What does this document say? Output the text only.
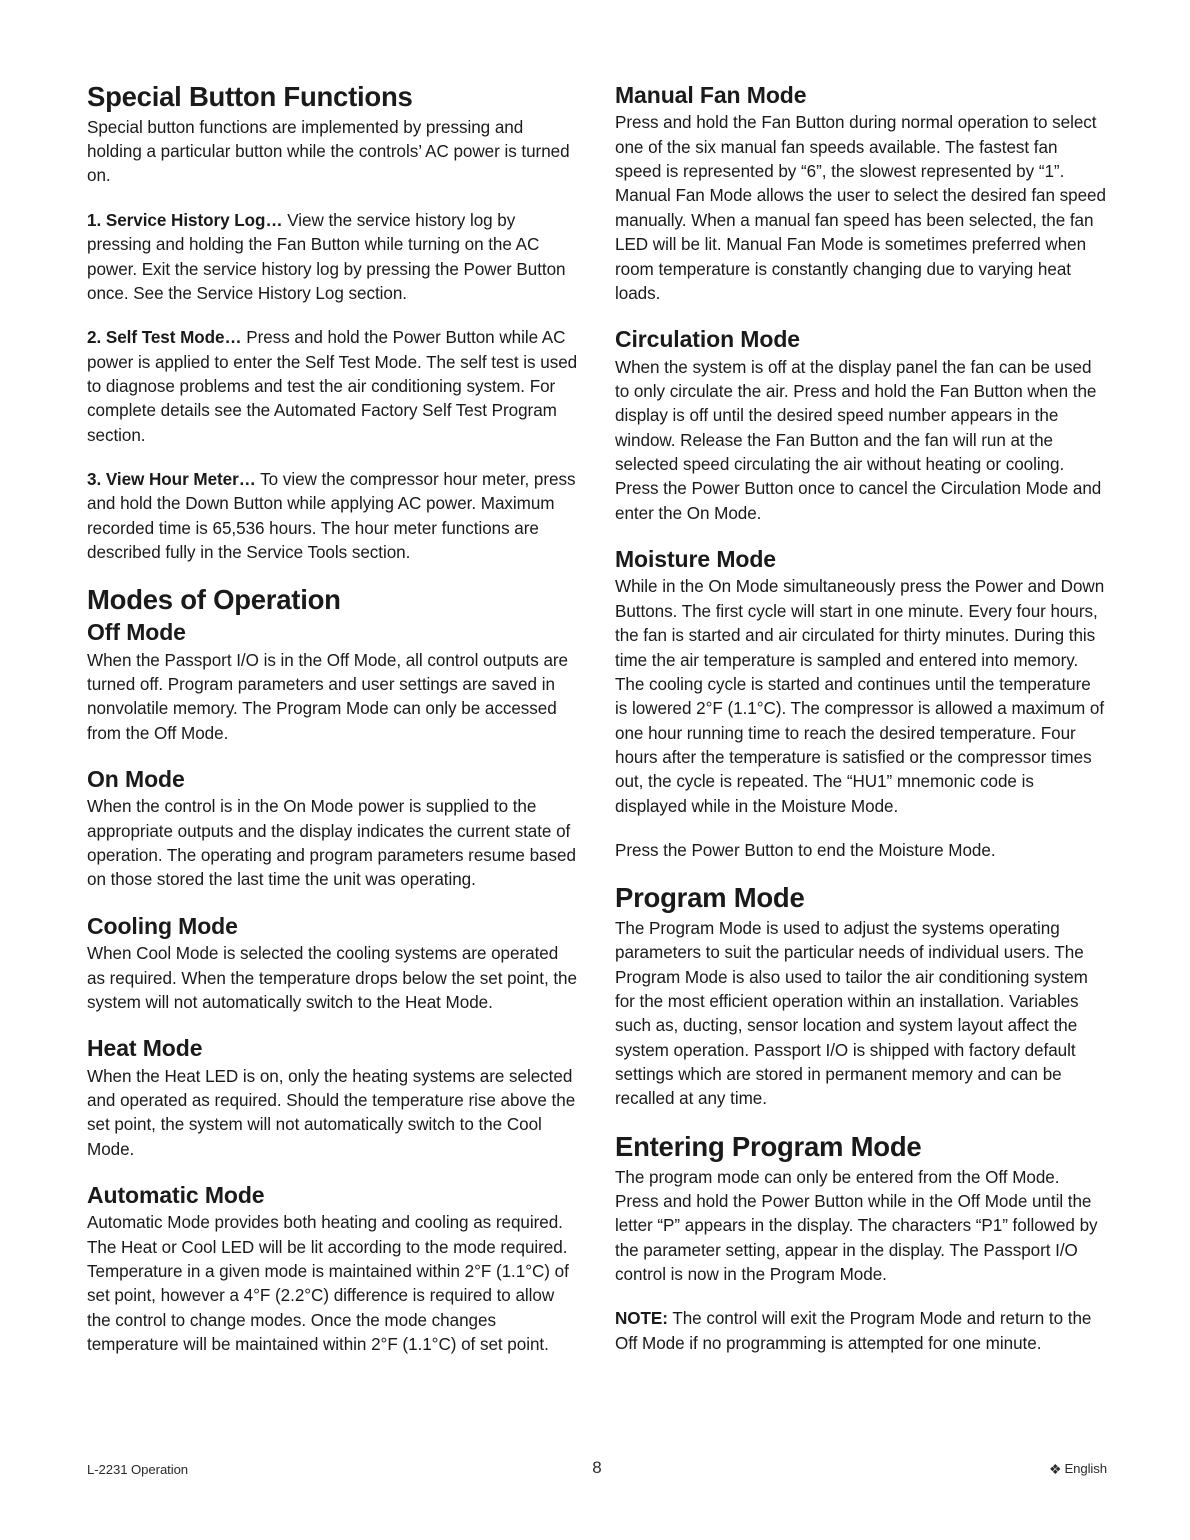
Special Button Functions

Special button functions are implemented by pressing and holding a particular button while the controls’ AC power is turned on.

1. Service History Log… View the service history log by pressing and holding the Fan Button while turning on the AC power. Exit the service history log by pressing the Power Button once. See the Service History Log section.

2. Self Test Mode… Press and hold the Power Button while AC power is applied to enter the Self Test Mode. The self test is used to diagnose problems and test the air conditioning system. For complete details see the Automated Factory Self Test Program section.

3. View Hour Meter… To view the compressor hour meter, press and hold the Down Button while applying AC power. Maximum recorded time is 65,536 hours. The hour meter functions are described fully in the Service Tools section.

Modes of Operation
Off Mode

When the Passport I/O is in the Off Mode, all control outputs are turned off. Program parameters and user settings are saved in nonvolatile memory. The Program Mode can only be accessed from the Off Mode.

On Mode

When the control is in the On Mode power is supplied to the appropriate outputs and the display indicates the current state of operation. The operating and program parameters resume based on those stored the last time the unit was operating.

Cooling Mode

When Cool Mode is selected the cooling systems are operated as required. When the temperature drops below the set point, the system will not automatically switch to the Heat Mode.

Heat Mode

When the Heat LED is on, only the heating systems are selected and operated as required. Should the temperature rise above the set point, the system will not automatically switch to the Cool Mode.

Automatic Mode

Automatic Mode provides both heating and cooling as required. The Heat or Cool LED will be lit according to the mode required. Temperature in a given mode is maintained within 2°F (1.1°C) of set point, however a 4°F (2.2°C) difference is required to allow the control to change modes. Once the mode changes temperature will be maintained within 2°F (1.1°C) of set point.

Manual Fan Mode

Press and hold the Fan Button during normal operation to select one of the six manual fan speeds available. The fastest fan speed is represented by “6”, the slowest represented by “1”. Manual Fan Mode allows the user to select the desired fan speed manually. When a manual fan speed has been selected, the fan LED will be lit. Manual Fan Mode is sometimes preferred when room temperature is constantly changing due to varying heat loads.

Circulation Mode

When the system is off at the display panel the fan can be used to only circulate the air. Press and hold the Fan Button when the display is off until the desired speed number appears in the window. Release the Fan Button and the fan will run at the selected speed circulating the air without heating or cooling. Press the Power Button once to cancel the Circulation Mode and enter the On Mode.

Moisture Mode

While in the On Mode simultaneously press the Power and Down Buttons. The first cycle will start in one minute. Every four hours, the fan is started and air circulated for thirty minutes. During this time the air temperature is sampled and entered into memory. The cooling cycle is started and continues until the temperature is lowered 2°F (1.1°C). The compressor is allowed a maximum of one hour running time to reach the desired temperature. Four hours after the temperature is satisfied or the compressor times out, the cycle is repeated. The “HU1” mnemonic code is displayed while in the Moisture Mode.

Press the Power Button to end the Moisture Mode.

Program Mode

The Program Mode is used to adjust the systems operating parameters to suit the particular needs of individual users. The Program Mode is also used to tailor the air conditioning system for the most efficient operation within an installation. Variables such as, ducting, sensor location and system layout affect the system operation. Passport I/O is shipped with factory default settings which are stored in permanent memory and can be recalled at any time.

Entering Program Mode

The program mode can only be entered from the Off Mode. Press and hold the Power Button while in the Off Mode until the letter “P” appears in the display. The characters “P1” followed by the parameter setting, appear in the display. The Passport I/O control is now in the Program Mode.

NOTE: The control will exit the Program Mode and return to the Off Mode if no programming is attempted for one minute.

L-2231 Operation	8	❖ English
